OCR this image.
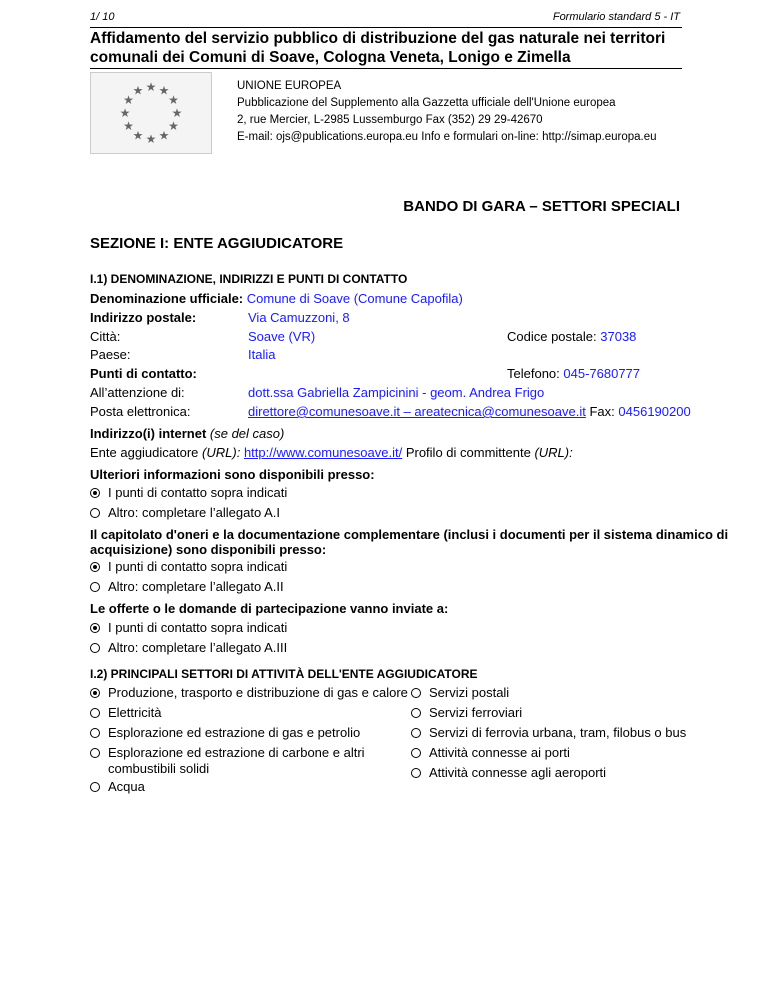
1/ 10	Formulario standard 5 - IT
Affidamento del servizio pubblico di distribuzione del gas naturale nei territori
comunali dei Comuni di Soave, Cologna Veneta, Lonigo e Zimella
★ ★
★
★
★
★
★
★
★
★
★
★	UNIONE EUROPEA
Pubblicazione del Supplemento alla Gazzetta ufficiale dell'Unione europea
2, rue Mercier, L-2985 Lussemburgo Fax (352) 29 29-42670
E-mail: ojs@publications.europa.eu Info e formulari on-line: http://simap.europa.eu
BANDO DI GARA – SETTORI SPECIALI
SEZIONE I: ENTE AGGIUDICATORE
I.1) DENOMINAZIONE, INDIRIZZI E PUNTI DI CONTATTO
Denominazione ufficiale: Comune di Soave (Comune Capofila)
Indirizzo postale:	Via Camuzzoni, 8
Città:	Soave (VR)	Codice postale: 37038
Paese:	Italia
Punti di contatto:	Telefono: 045-7680777
All’attenzione di:	dott.ssa Gabriella Zampicinini - geom. Andrea Frigo
Posta elettronica:	direttore@comunesoave.it – areatecnica@comunesoave.it Fax: 0456190200
Indirizzo(i) internet (se del caso)
Ente aggiudicatore (URL): http://www.comunesoave.it/ Profilo di committente (URL):
Ulteriori informazioni sono disponibili presso:
I punti di contatto sopra indicati
Altro: completare l’allegato A.I
Il capitolato d'oneri e la documentazione complementare (inclusi i documenti per il sistema dinamico di
acquisizione) sono disponibili presso:
I punti di contatto sopra indicati
Altro: completare l’allegato A.II
Le offerte o le domande di partecipazione vanno inviate a:
I punti di contatto sopra indicati
Altro: completare l’allegato A.III
I.2) PRINCIPALI SETTORI DI ATTIVITÀ DELL'ENTE AGGIUDICATORE
Produzione, trasporto e distribuzione di gas e calore
Elettricità
Esplorazione ed estrazione di gas e petrolio
Esplorazione ed estrazione di carbone e altri
combustibili solidi
Acqua
Servizi postali
Servizi ferroviari
Servizi di ferrovia urbana, tram, filobus o bus
Attività connesse ai porti
Attività connesse agli aeroporti
